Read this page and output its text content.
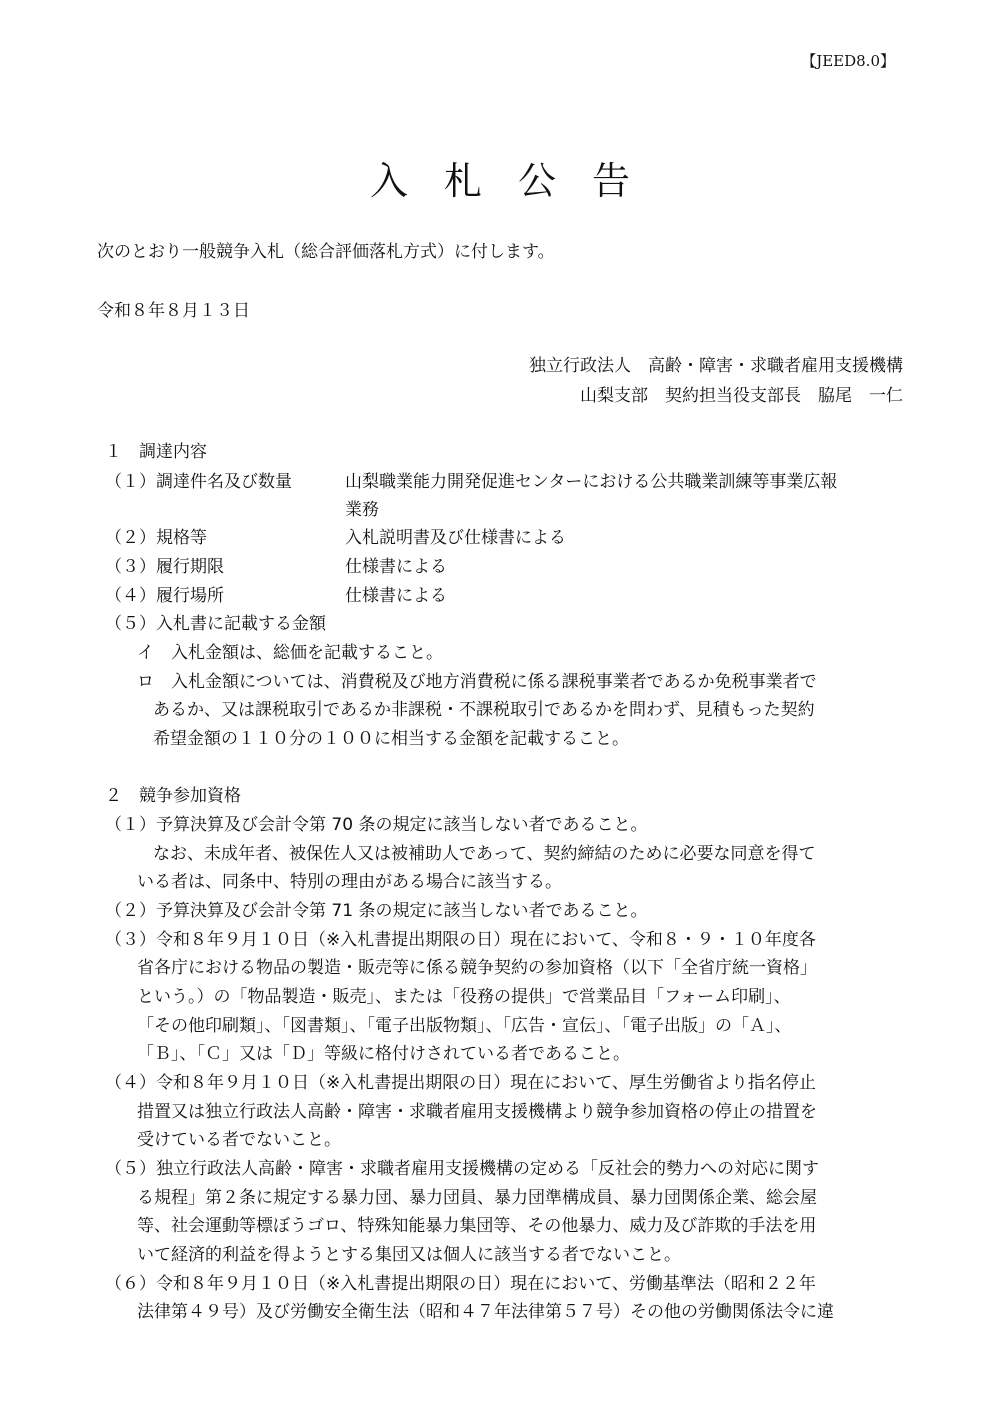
【JEED8.0】
入札公告
次のとおり一般競争入札（総合評価落札方式）に付します。
令和８年８月１３日
独立行政法人　高齢・障害・求職者雇用支援機構
山梨支部　契約担当役支部長　脇尾　一仁
１　調達内容
（１）調達件名及び数量	山梨職業能力開発促進センターにおける公共職業訓練等事業広報
業務
（２）規格等	入札説明書及び仕様書による
（３）履行期限	仕様書による
（４）履行場所	仕様書による
（５）入札書に記載する金額
イ　入札金額は、総価を記載すること。
ロ　入札金額については、消費税及び地方消費税に係る課税事業者であるか免税事業者で
あるか、又は課税取引であるか非課税・不課税取引であるかを問わず、見積もった契約
希望金額の１１０分の１００に相当する金額を記載すること。
２　競争参加資格
（１）予算決算及び会計令第 70 条の規定に該当しない者であること。
なお、未成年者、被保佐人又は被補助人であって、契約締結のために必要な同意を得て
いる者は、同条中、特別の理由がある場合に該当する。
（２）予算決算及び会計令第 71 条の規定に該当しない者であること。
（３）令和８年９月１０日（※入札書提出期限の日）現在において、令和８・９・１０年度各
省各庁における物品の製造・販売等に係る競争契約の参加資格（以下「全省庁統一資格」
という。）の「物品製造・販売」、または「役務の提供」で営業品目「フォーム印刷」、
「その他印刷類」、「図書類」、「電子出版物類」、「広告・宣伝」、「電子出版」の「Ａ」、
「Ｂ」、「Ｃ」又は「Ｄ」等級に格付けされている者であること。
（４）令和８年９月１０日（※入札書提出期限の日）現在において、厚生労働省より指名停止
措置又は独立行政法人高齢・障害・求職者雇用支援機構より競争参加資格の停止の措置を
受けている者でないこと。
（５）独立行政法人高齢・障害・求職者雇用支援機構の定める「反社会的勢力への対応に関す
る規程」第２条に規定する暴力団、暴力団員、暴力団準構成員、暴力団関係企業、総会屋
等、社会運動等標ぼうゴロ、特殊知能暴力集団等、その他暴力、威力及び詐欺的手法を用
いて経済的利益を得ようとする集団又は個人に該当する者でないこと。
（６）令和８年９月１０日（※入札書提出期限の日）現在において、労働基準法（昭和２２年
法律第４９号）及び労働安全衛生法（昭和４７年法律第５７号）その他の労働関係法令に違
